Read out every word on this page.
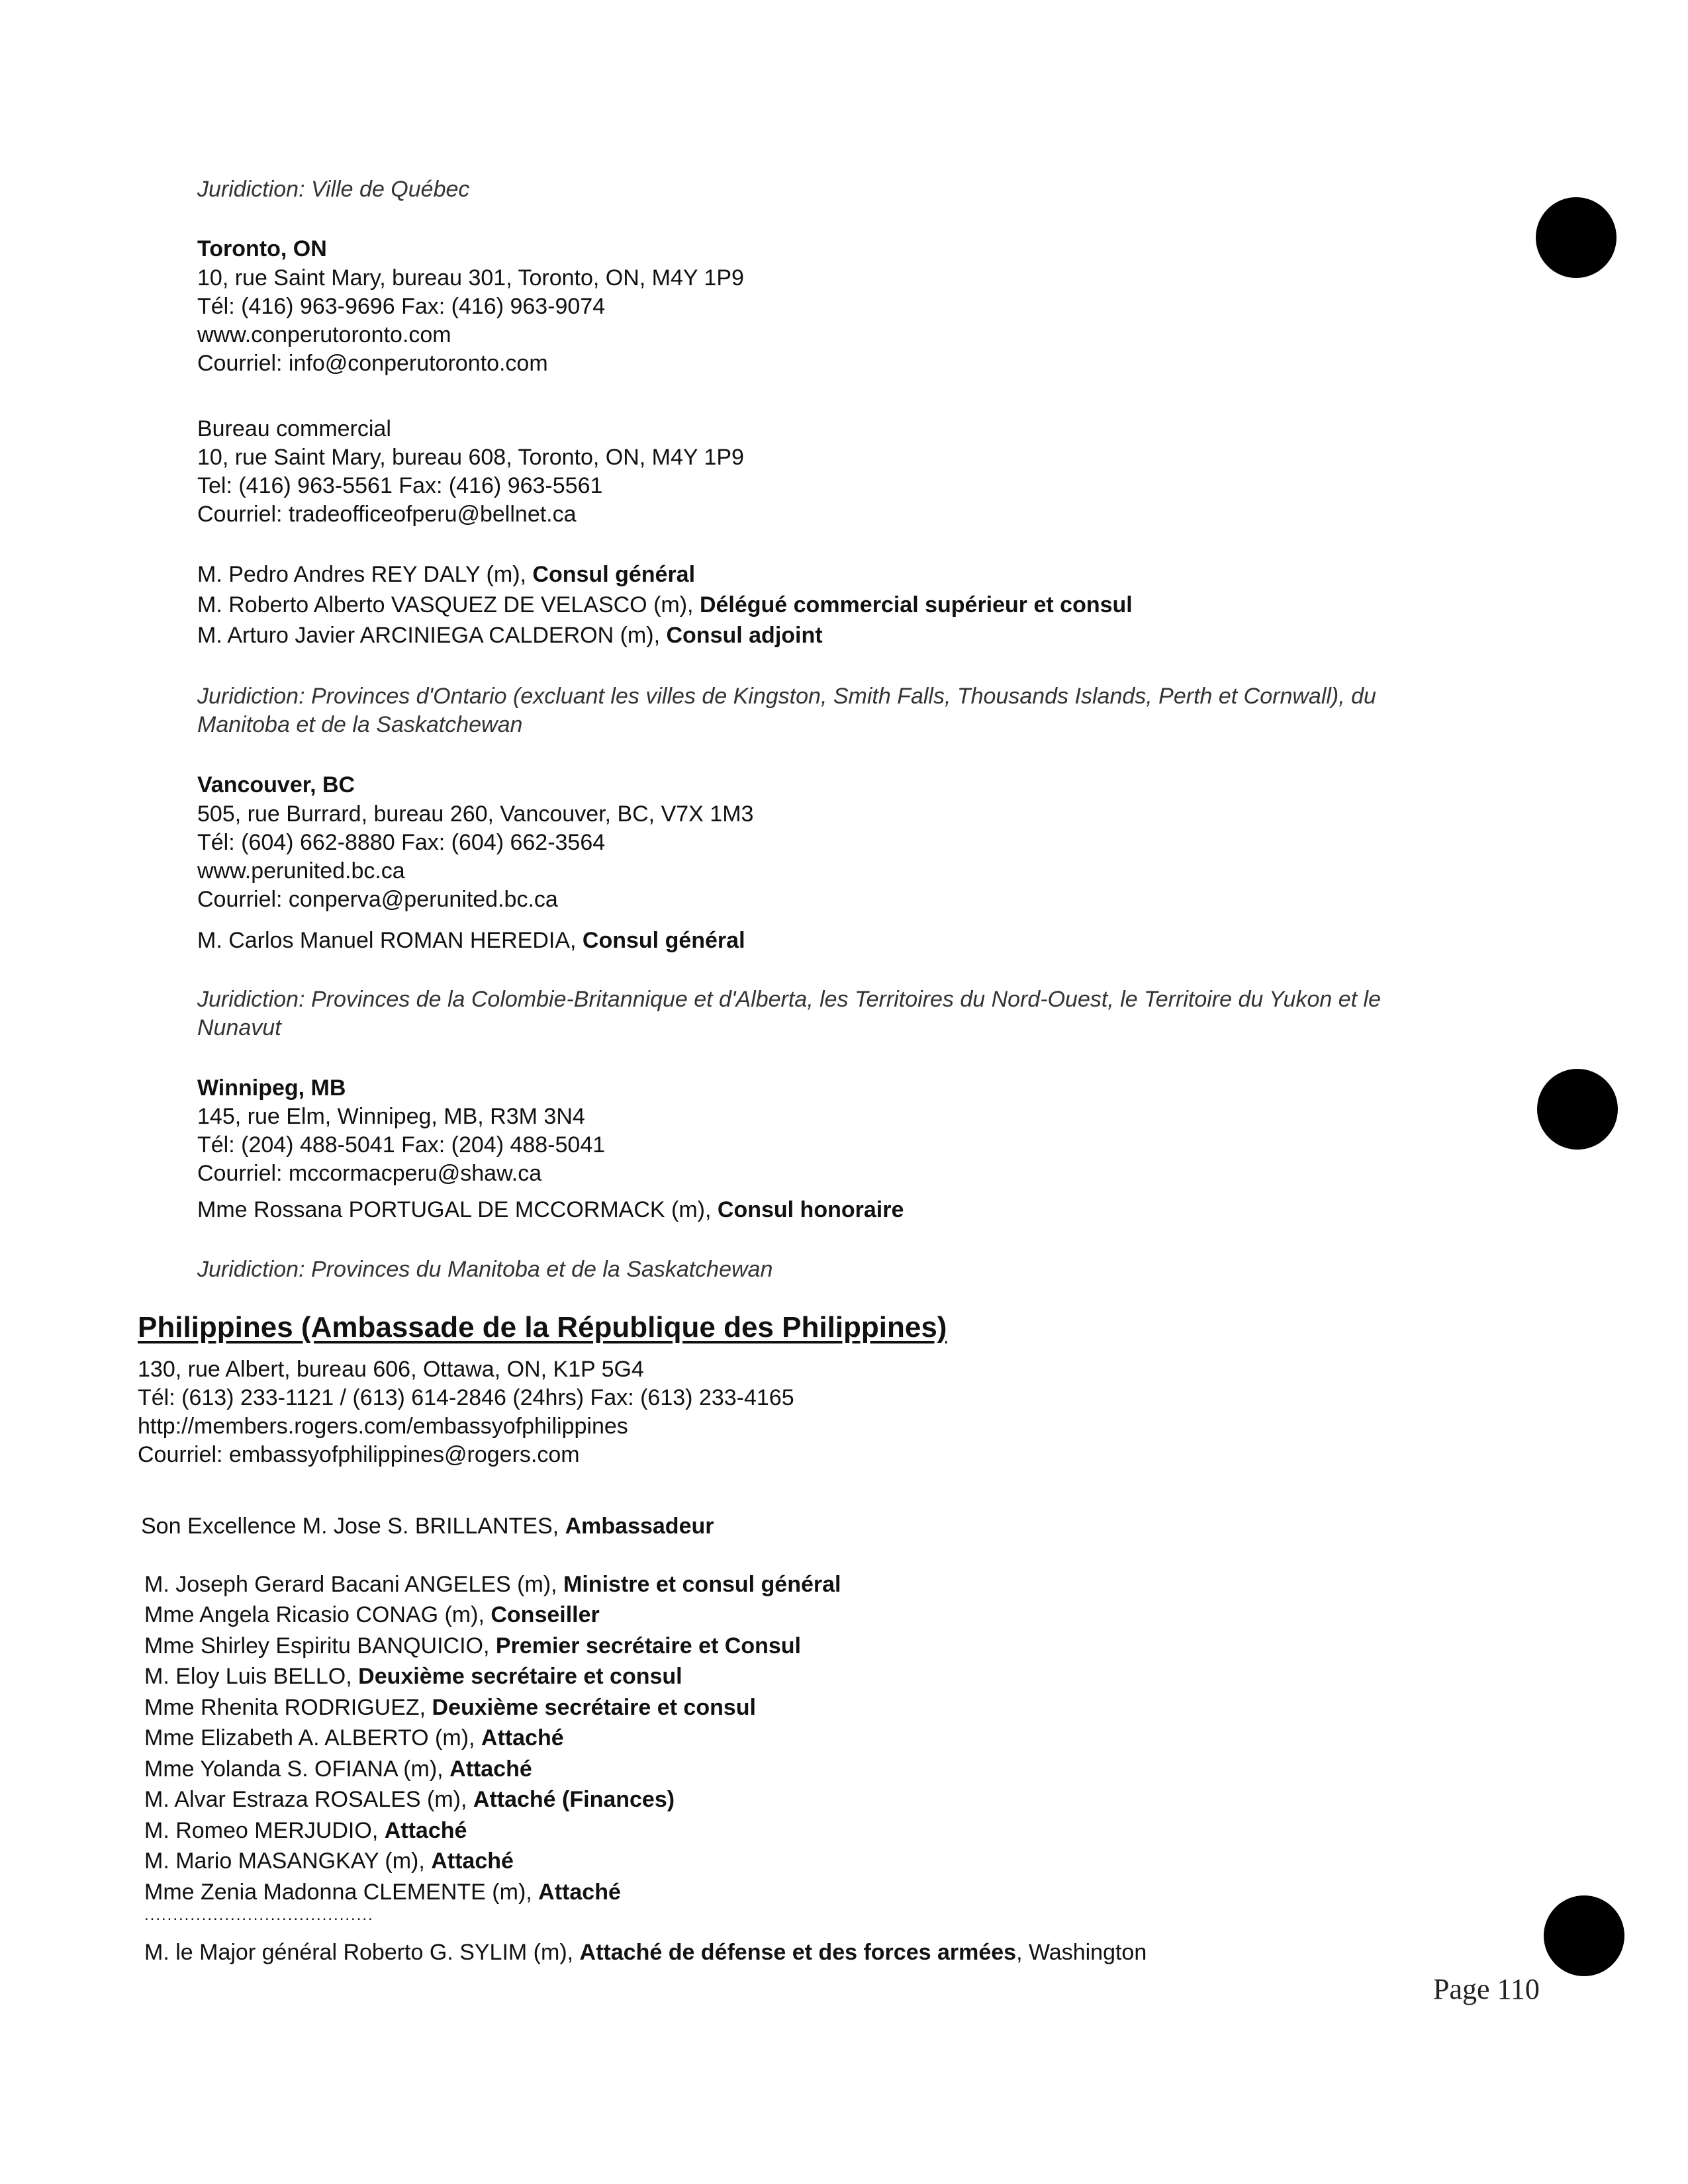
Juridiction: Ville de Québec
Toronto, ON
10, rue Saint Mary, bureau 301, Toronto, ON, M4Y 1P9
Tél: (416) 963-9696 Fax: (416) 963-9074
www.conperutoronto.com
Courriel: info@conperutoronto.com
Bureau commercial
10, rue Saint Mary, bureau 608, Toronto, ON, M4Y 1P9
Tel: (416) 963-5561 Fax: (416) 963-5561
Courriel: tradeofficeofperu@bellnet.ca
M. Pedro Andres REY DALY (m), Consul général
M. Roberto Alberto VASQUEZ DE VELASCO (m), Délégué commercial supérieur et consul
M. Arturo Javier ARCINIEGA CALDERON (m), Consul adjoint
Juridiction: Provinces d'Ontario (excluant les villes de Kingston, Smith Falls, Thousands Islands, Perth et Cornwall), du
Manitoba et de la Saskatchewan
Vancouver, BC
505, rue Burrard, bureau 260, Vancouver, BC, V7X 1M3
Tél: (604) 662-8880 Fax: (604) 662-3564
www.perunited.bc.ca
Courriel: conperva@perunited.bc.ca
M. Carlos Manuel ROMAN HEREDIA, Consul général
Juridiction: Provinces de la Colombie-Britannique et d'Alberta, les Territoires du Nord-Ouest, le Territoire du Yukon et le
Nunavut
Winnipeg, MB
145, rue Elm, Winnipeg, MB, R3M 3N4
Tél: (204) 488-5041 Fax: (204) 488-5041
Courriel: mccormacperu@shaw.ca
Mme Rossana PORTUGAL DE MCCORMACK (m), Consul honoraire
Juridiction: Provinces du Manitoba et de la Saskatchewan
Philippines (Ambassade de la République des Philippines)
130, rue Albert, bureau 606, Ottawa, ON, K1P 5G4
Tél: (613) 233-1121 / (613) 614-2846 (24hrs) Fax: (613) 233-4165
http://members.rogers.com/embassyofphilippines
Courriel: embassyofphilippines@rogers.com
Son Excellence M. Jose S. BRILLANTES, Ambassadeur
M. Joseph Gerard Bacani ANGELES (m), Ministre et consul général
Mme Angela Ricasio CONAG (m), Conseiller
Mme Shirley Espiritu BANQUICIO, Premier secrétaire et Consul
M. Eloy Luis BELLO, Deuxième secrétaire et consul
Mme Rhenita RODRIGUEZ, Deuxième secrétaire et consul
Mme Elizabeth A. ALBERTO (m), Attaché
Mme Yolanda S. OFIANA (m), Attaché
M. Alvar Estraza ROSALES (m), Attaché (Finances)
M. Romeo MERJUDIO, Attaché
M. Mario MASANGKAY (m), Attaché
Mme Zenia Madonna CLEMENTE (m), Attaché
........................................
M. le Major général Roberto G. SYLIM (m), Attaché de défense et des forces armées, Washington
Page 110
